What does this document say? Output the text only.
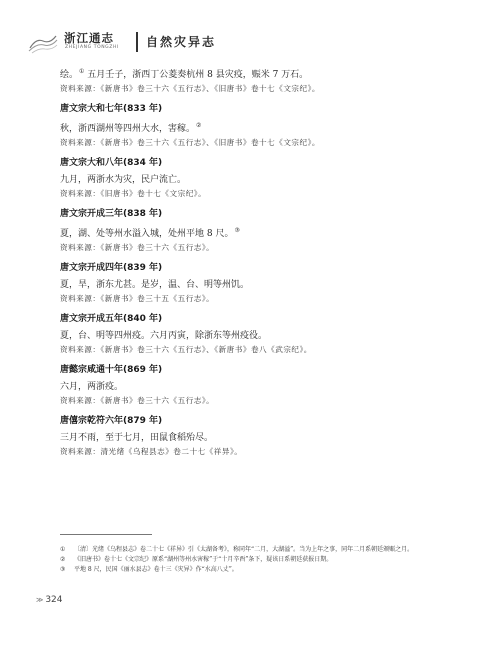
浙江通志
ZHEJIANG TONGZHI 自然灾异志
绘。① 五月壬子，浙西丁公菱奏杭州 8 县灾疫，赈米 7 万石。
资料来源：《新唐书》卷三十六《五行志》、《旧唐书》卷十七《文宗纪》。
唐文宗大和七年(833 年)
秋，浙西湖州等四州大水，害稼。②
资料来源：《新唐书》卷三十六《五行志》、《旧唐书》卷十七《文宗纪》。
唐文宗大和八年(834 年)
九月，两浙水为灾，民户流亡。
资料来源：《旧唐书》卷十七《文宗纪》。
唐文宗开成三年(838 年)
夏，湖、处等州水溢入城，处州平地 8 尺。③
资料来源：《新唐书》卷三十六《五行志》。
唐文宗开成四年(839 年)
夏，旱，浙东尤甚。是岁，温、台、明等州饥。
资料来源：《新唐书》卷三十五《五行志》。
唐文宗开成五年(840 年)
夏，台、明等四州疫。六月丙寅，除浙东等州疫役。
资料来源：《新唐书》卷三十六《五行志》、《新唐书》卷八《武宗纪》。
唐懿宗咸通十年(869 年)
六月，两浙疫。
资料来源：《新唐书》卷三十六《五行志》。
唐僖宗乾符六年(879 年)
三月不雨，至于七月，田鼠食稻殆尽。
资料来源：清光绪《乌程县志》卷二十七《祥异》。
①	〔清〕光绪《乌程县志》卷二十七《祥异》引《太湖备考》，称同年“二月，大湖溢”。当为上年之事，同年二月系朝廷颁赈之月。
②	《旧唐书》卷十七《文宗纪》原系“湖州等州水害稼”于“十月辛酉”条下，疑该日系朝廷获报日期。
③	平地 8 尺，民国《丽水县志》卷十三《灾异》作“水高八丈”。
≫ 324
